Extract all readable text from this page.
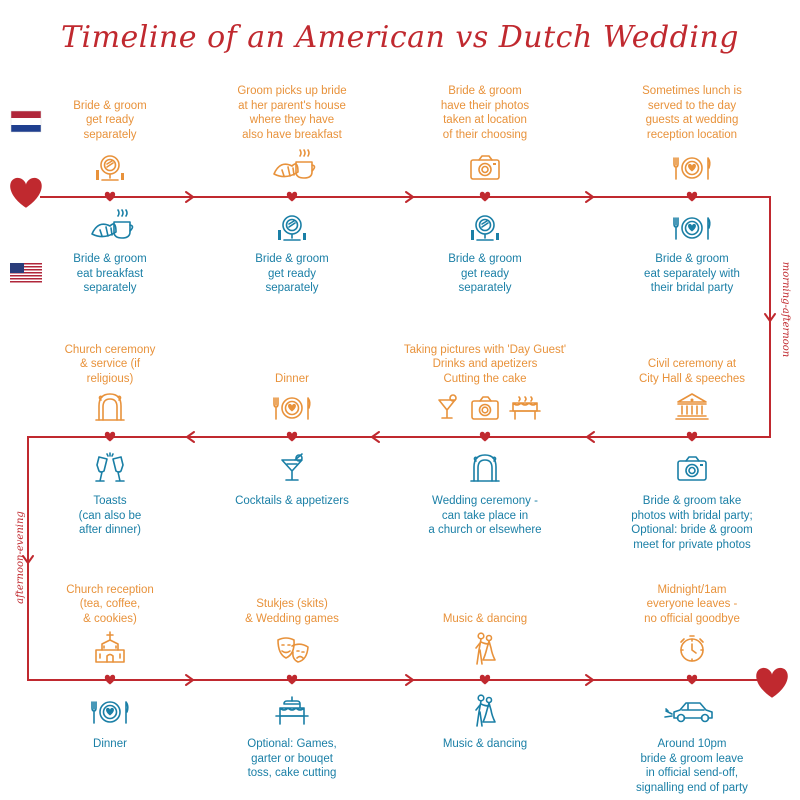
Timeline of an American vs Dutch Wedding
Bride & groom
get ready
separately
Groom picks up bride
at her parent's house
where they have
also have breakfast
Bride & groom
have their photos
taken at location
of their choosing
Sometimes lunch is
served to the day
guests at wedding
reception location
Bride & groom
eat breakfast
separately
Bride & groom
get ready
separately
Bride & groom
get ready
separately
Bride & groom
eat separately with
their bridal party
Civil ceremony at
City Hall & speeches
Taking pictures with 'Day Guest'
Drinks and apetizers
Cutting the cake
Dinner
Church ceremony
& service (if
religious)
Bride & groom take
photos with bridal party;
Optional: bride & groom
meet for private photos
Wedding ceremony -
can take place in
a church or elsewhere
Cocktails & appetizers
Toasts
(can also be
after dinner)
Church reception
(tea, coffee,
& cookies)
Stukjes (skits)
& Wedding games	Music & dancing
Midnight/1am
everyone leaves -
no official goodbye
Dinner	Optional: Games,
garter or bouqet
toss, cake cutting
Music & dancing	Around 10pm
bride & groom leave
in official send-off,
signalling end of party
morning-afternoon
afternoon-evening
